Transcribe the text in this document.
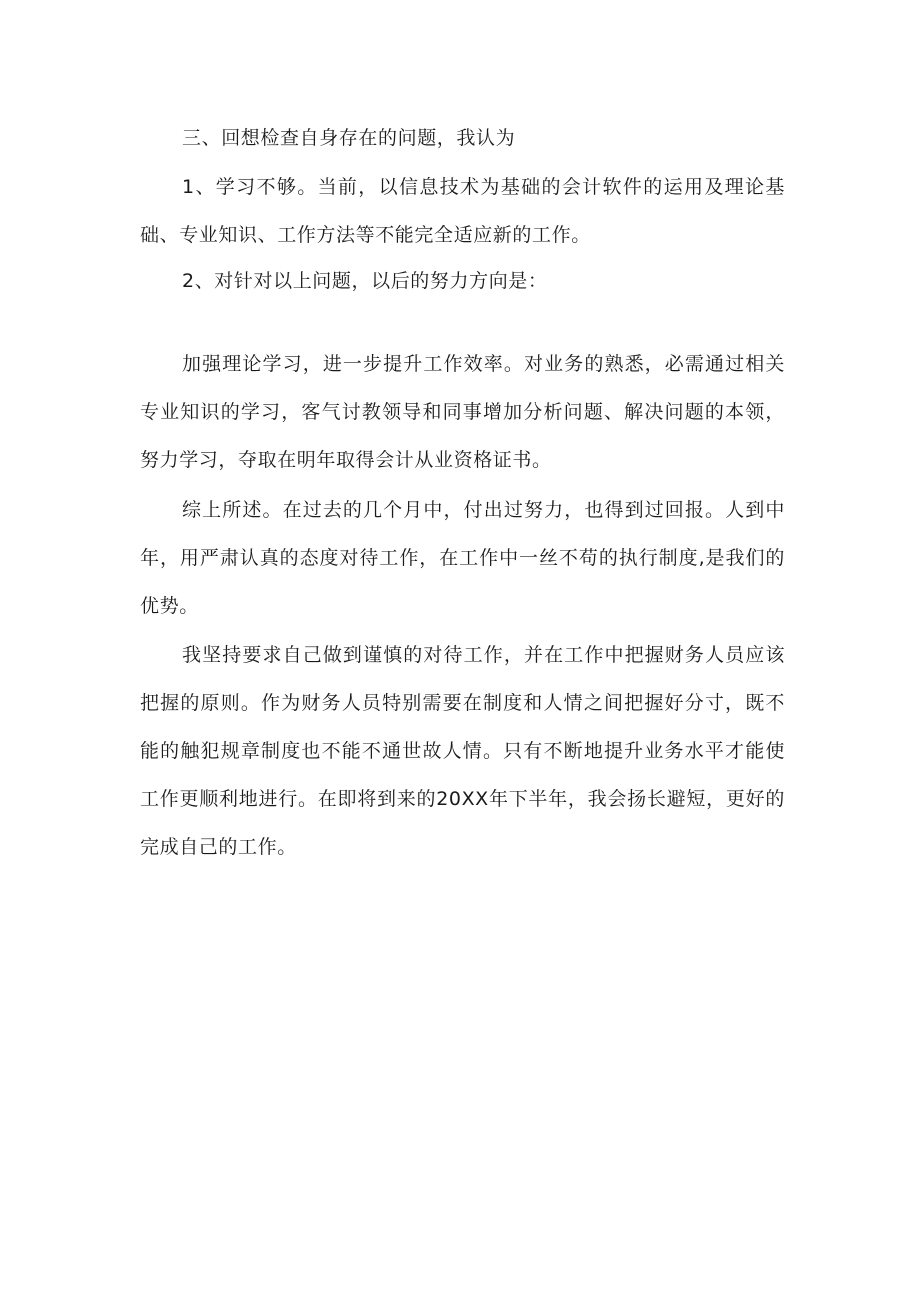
三、回想检查自身存在的问题，我认为

1、学习不够。当前，以信息技术为基础的会计软件的运用及理论基础、专业知识、工作方法等不能完全适应新的工作。

2、对针对以上问题，以后的努力方向是：

加强理论学习，进一步提升工作效率。对业务的熟悉，必需通过相关专业知识的学习，客气讨教领导和同事增加分析问题、解决问题的本领，努力学习，夺取在明年取得会计从业资格证书。

综上所述。在过去的几个月中，付出过努力，也得到过回报。人到中年，用严肃认真的态度对待工作，在工作中一丝不苟的执行制度,是我们的优势。

我坚持要求自己做到谨慎的对待工作，并在工作中把握财务人员应该把握的原则。作为财务人员特别需要在制度和人情之间把握好分寸，既不能的触犯规章制度也不能不通世故人情。只有不断地提升业务水平才能使工作更顺利地进行。在即将到来的20XX年下半年，我会扬长避短，更好的完成自己的工作。
